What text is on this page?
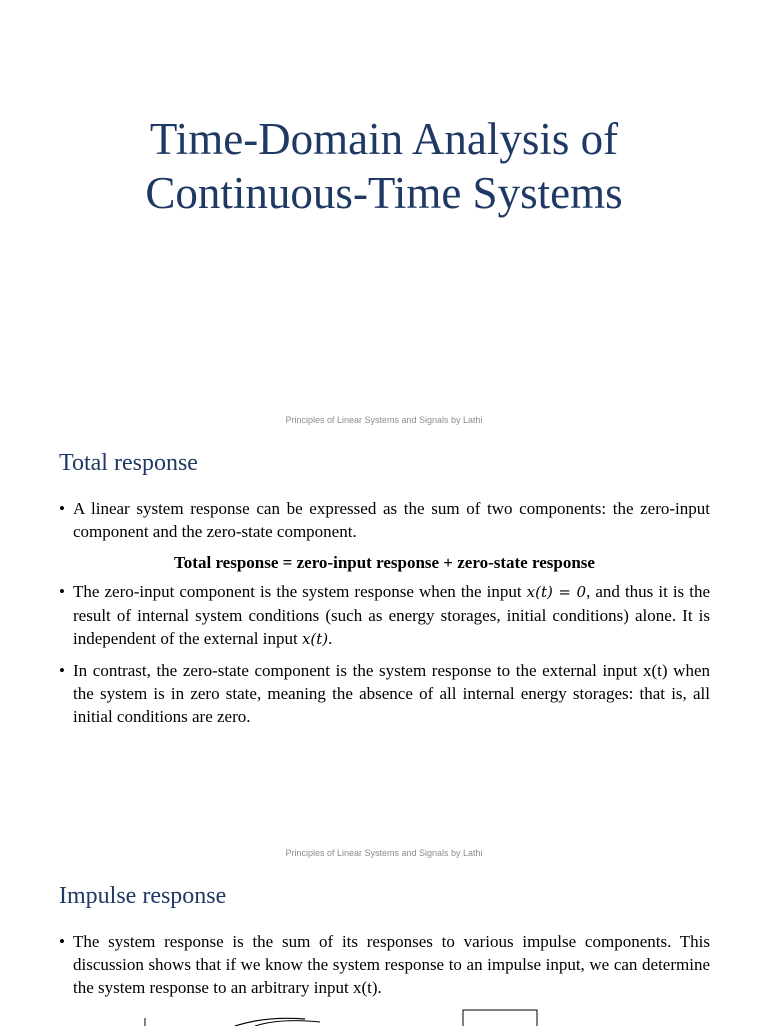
Time-Domain Analysis of
Continuous-Time Systems
Principles of Linear Systems and Signals by Lathi
Total response
• A linear system response can be expressed as the sum of two components: the zero-input component and the zero-state component.
Total response = zero-input response + zero-state response
• The zero-input component is the system response when the input x(t) = 0, and thus it is the result of internal system conditions (such as energy storages, initial conditions) alone. It is independent of the external input x(t).
• In contrast, the zero-state component is the system response to the external input x(t) when the system is in zero state, meaning the absence of all internal energy storages: that is, all initial conditions are zero.
Principles of Linear Systems and Signals by Lathi
Impulse response
• The system response is the sum of its responses to various impulse components. This discussion shows that if we know the system response to an impulse input, we can determine the system response to an arbitrary input x(t).
